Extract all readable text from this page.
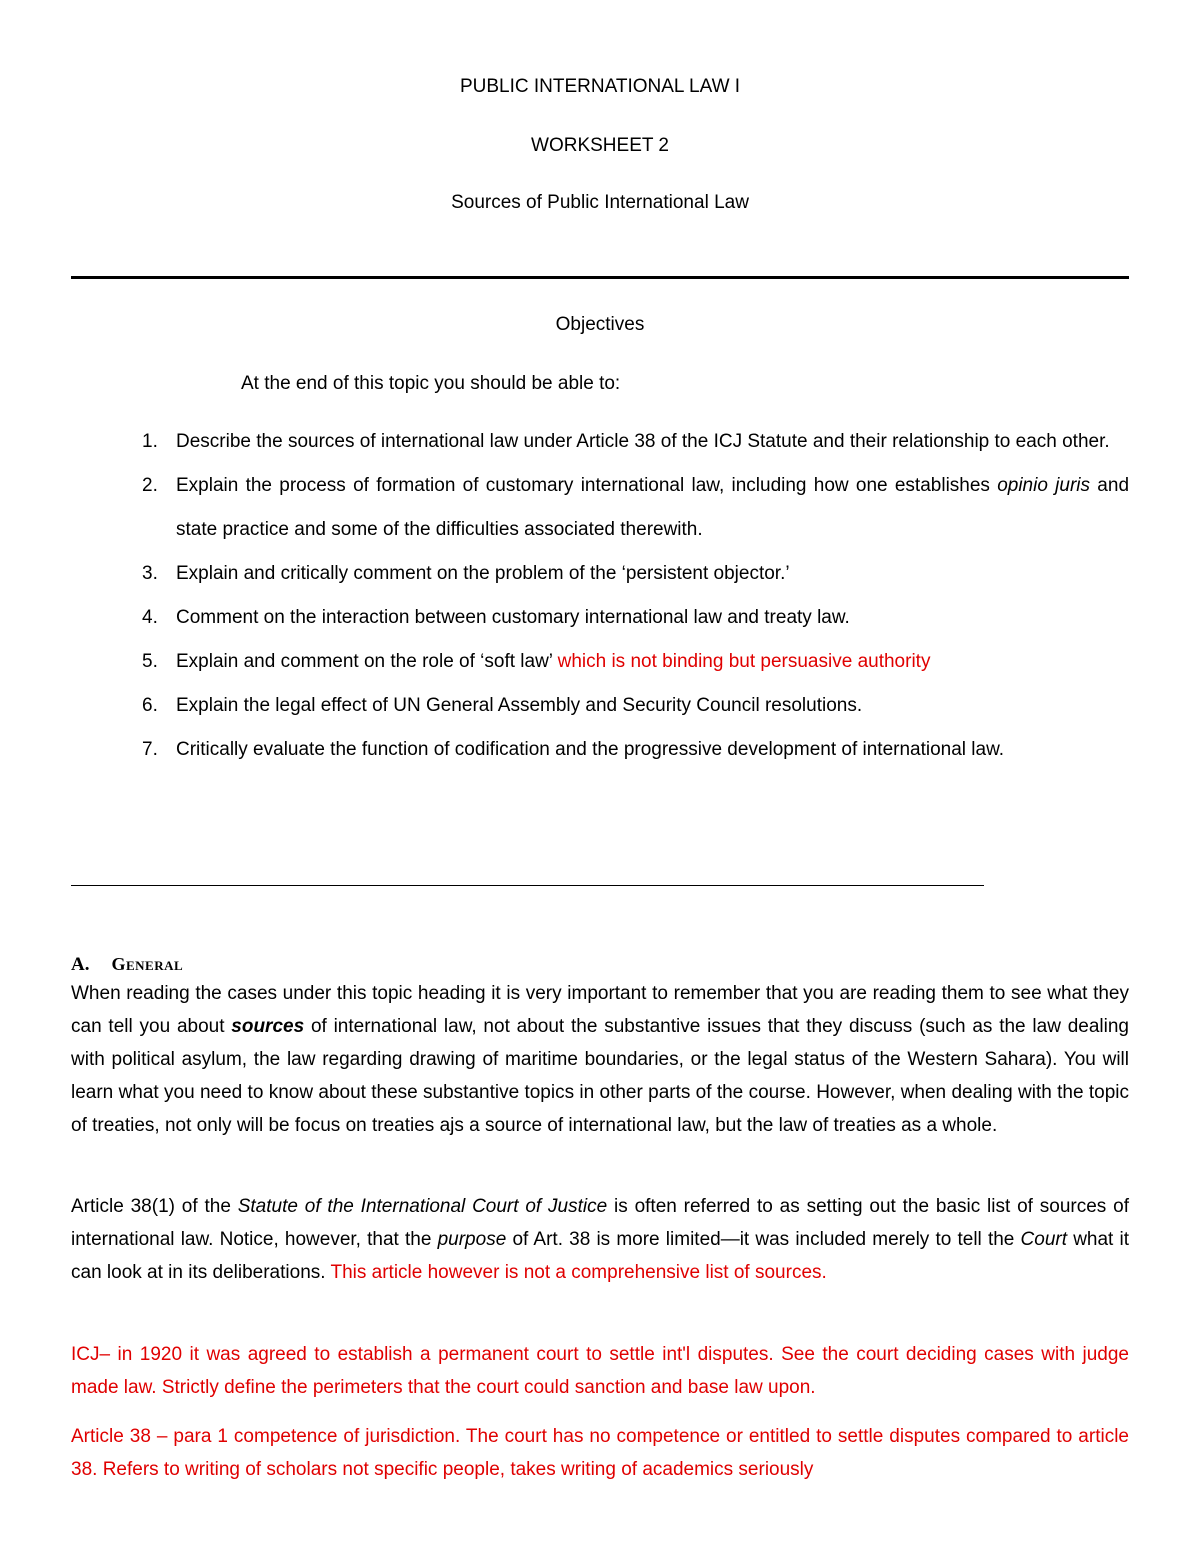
PUBLIC INTERNATIONAL LAW I
WORKSHEET 2
Sources of Public International Law
Objectives
At the end of this topic you should be able to:
1. Describe the sources of international law under Article 38 of the ICJ Statute and their relationship to each other.
2. Explain the process of formation of customary international law, including how one establishes opinio juris and state practice and some of the difficulties associated therewith.
3. Explain and critically comment on the problem of the ‘persistent objector.’
4. Comment on the interaction between customary international law and treaty law.
5. Explain and comment on the role of ‘soft law’ which is not binding but persuasive authority
6. Explain the legal effect of UN General Assembly and Security Council resolutions.
7. Critically evaluate the function of codification and the progressive development of international law.
A. General

When reading the cases under this topic heading it is very important to remember that you are reading them to see what they can tell you about sources of international law, not about the substantive issues that they discuss (such as the law dealing with political asylum, the law regarding drawing of maritime boundaries, or the legal status of the Western Sahara). You will learn what you need to know about these substantive topics in other parts of the course. However, when dealing with the topic of treaties, not only will be focus on treaties ajs a source of international law, but the law of treaties as a whole.

Article 38(1) of the Statute of the International Court of Justice is often referred to as setting out the basic list of sources of international law. Notice, however, that the purpose of Art. 38 is more limited—it was included merely to tell the Court what it can look at in its deliberations. This article however is not a comprehensive list of sources.

ICJ– in 1920 it was agreed to establish a permanent court to settle int'l disputes. See the court deciding cases with judge made law. Strictly define the perimeters that the court could sanction and base law upon.

Article 38 – para 1 competence of jurisdiction. The court has no competence or entitled to settle disputes compared to article 38. Refers to writing of scholars not specific people, takes writing of academics seriously
